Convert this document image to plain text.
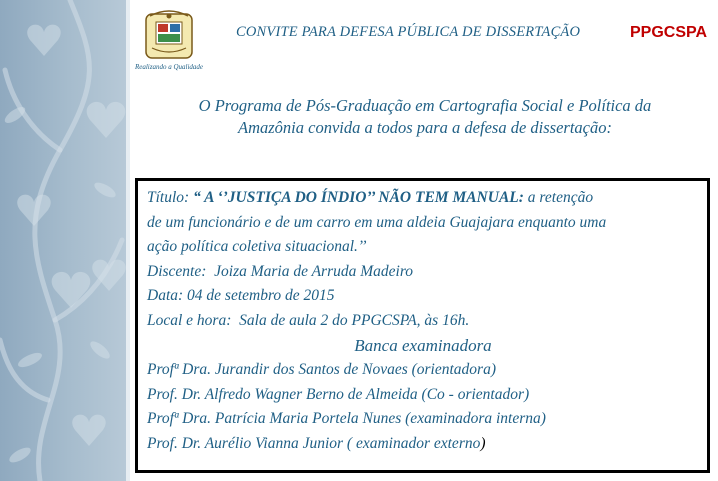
Realizando a Qualidade
CONVITE PARA DEFESA PÚBLICA DE DISSERTAÇÃO	PPGCSPA
O Programa de Pós-Graduação em Cartografia Social e Política da
Amazônia convida a todos para a defesa de dissertação:

Título: “ A ‘’JUSTIÇA DO ÍNDIO’’ NÃO TEM MANUAL: a retenção

de um funcionário e de um carro em uma aldeia Guajajara enquanto uma

ação política coletiva situacional.’’

Discente: Joiza Maria de Arruda Madeiro

Data: 04 de setembro de 2015

Local e hora: Sala de aula 2 do PPGCSPA, às 16h.

Banca examinadora

Profª Dra. Jurandir dos Santos de Novaes (orientadora)

Prof. Dr. Alfredo Wagner Berno de Almeida (Co - orientador)

Profª Dra. Patrícia Maria Portela Nunes (examinadora interna)

Prof. Dr. Aurélio Vianna Junior ( examinador externo)
